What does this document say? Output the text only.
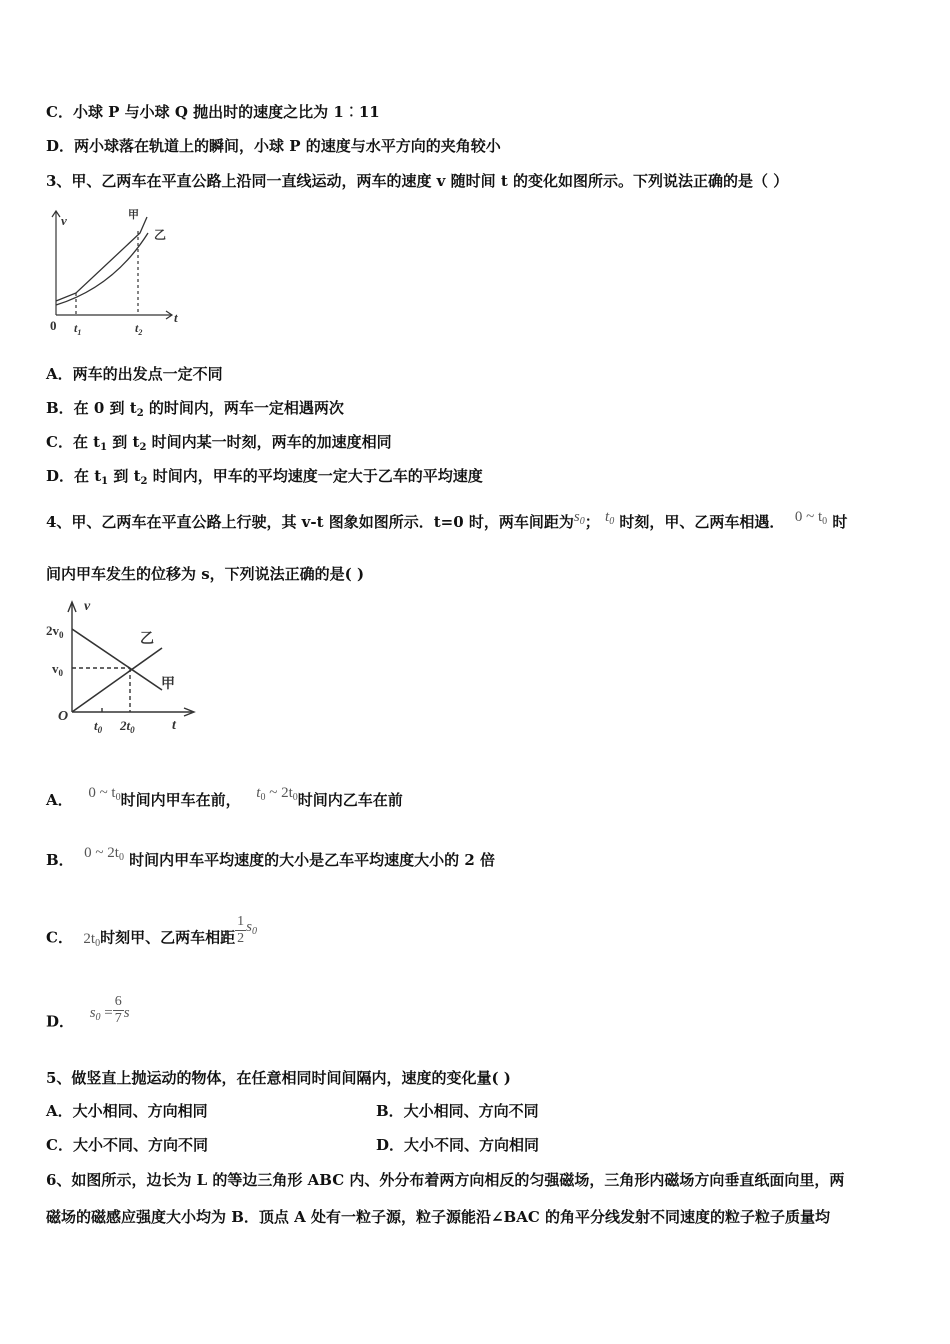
C．小球 P 与小球 Q 抛出时的速度之比为 1︰11
D．两小球落在轨道上的瞬间，小球 P 的速度与水平方向的夹角较小
3、甲、乙两车在平直公路上沿同一直线运动，两车的速度 v 随时间 t 的变化如图所示。下列说法正确的是（ ）
v
t
0 $t_1$	$t_2$
甲
乙
A．两车的出发点一定不同
B．在 0 到 $t_2$ 的时间内，两车一定相遇两次
C．在 $t_1$ 到 $t_2$ 时间内某一时刻，两车的加速度相同
D．在 $t_1$ 到 $t_2$ 时间内，甲车的平均速度一定大于乙车的平均速度
4、甲、乙两车在平直公路上行驶，其 v-t 图象如图所示．t=0 时，两车间距为$s_0$； $t_0$ 时刻，甲、乙两车相遇． 0 ~ $t_0$ 时
间内甲车发生的位移为 s，下列说法正确的是( )
v
t
O
$2v_0$
$v_0$
$t_0$ $2t_0$
乙
甲
A． 0 ~ $t_0$时间内甲车在前， $t_0$ ~ $2t_0$时间内乙车在前
B． 0 ~ $2t_0$ 时间内甲车平均速度的大小是乙车平均速度大小的 2 倍
C． $2t_0$时刻甲、乙两车相距 $\frac{1}{2} s_0$
D． $s_0 = \frac{6}{7}$ s
5、做竖直上抛运动的物体，在任意相同时间间隔内，速度的变化量( )
A．大小相同、方向相同	B．大小相同、方向不同
C．大小不同、方向不同	D．大小不同、方向相同
6、如图所示，边长为 L 的等边三角形 ABC 内、外分布着两方向相反的匀强磁场，三角形内磁场方向垂直纸面向里，两
磁场的磁感应强度大小均为 B．顶点 A 处有一粒子源，粒子源能沿∠BAC 的角平分线发射不同速度的粒子粒子质量均
